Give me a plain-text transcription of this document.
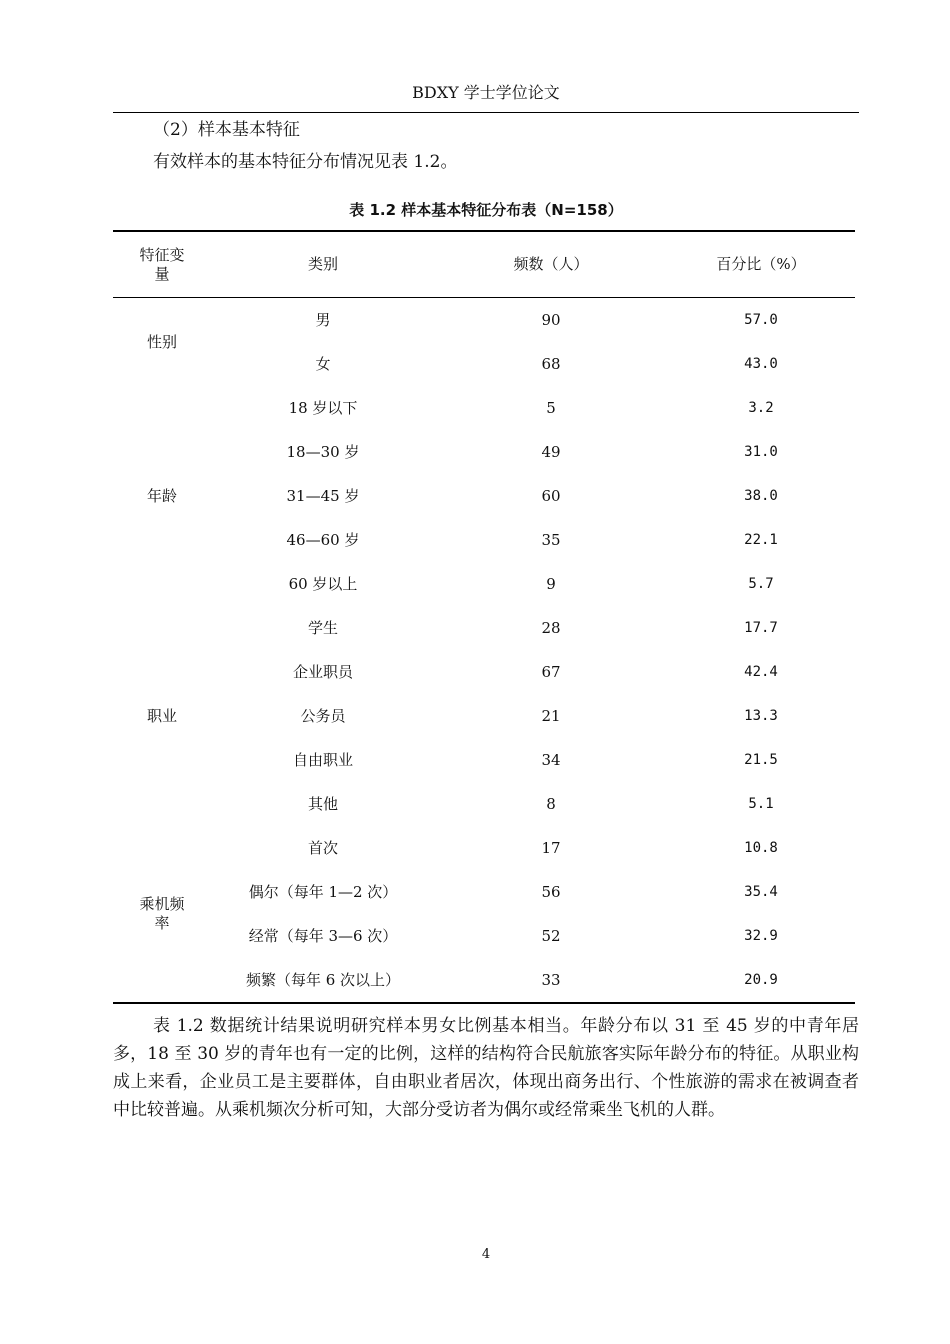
BDXY 学士学位论文

（2）样本基本特征

有效样本的基本特征分布情况见表 1.2。

表 1.2 样本基本特征分布表（N=158）
特征变量	类别	频数（人）	百分比（%）
性别	男	90	57.0
	女	68	43.0
年龄	18 岁以下	5	3.2
	18—30 岁	49	31.0
	31—45 岁	60	38.0
	46—60 岁	35	22.1
	60 岁以上	9	5.7
职业	学生	28	17.7
	企业职员	67	42.4
	公务员	21	13.3
	自由职业	34	21.5
	其他	8	5.1
乘机频率	首次	17	10.8
	偶尔（每年 1—2 次）	56	35.4
	经常（每年 3—6 次）	52	32.9
	频繁（每年 6 次以上）	33	20.9

表 1.2 数据统计结果说明研究样本男女比例基本相当。年龄分布以 31 至 45 岁的中青年居多，18 至 30 岁的青年也有一定的比例，这样的结构符合民航旅客实际年龄分布的特征。从职业构成上来看，企业员工是主要群体，自由职业者居次，体现出商务出行、个性旅游的需求在被调查者中比较普遍。从乘机频次分析可知，大部分受访者为偶尔或经常乘坐飞机的人群。

4
